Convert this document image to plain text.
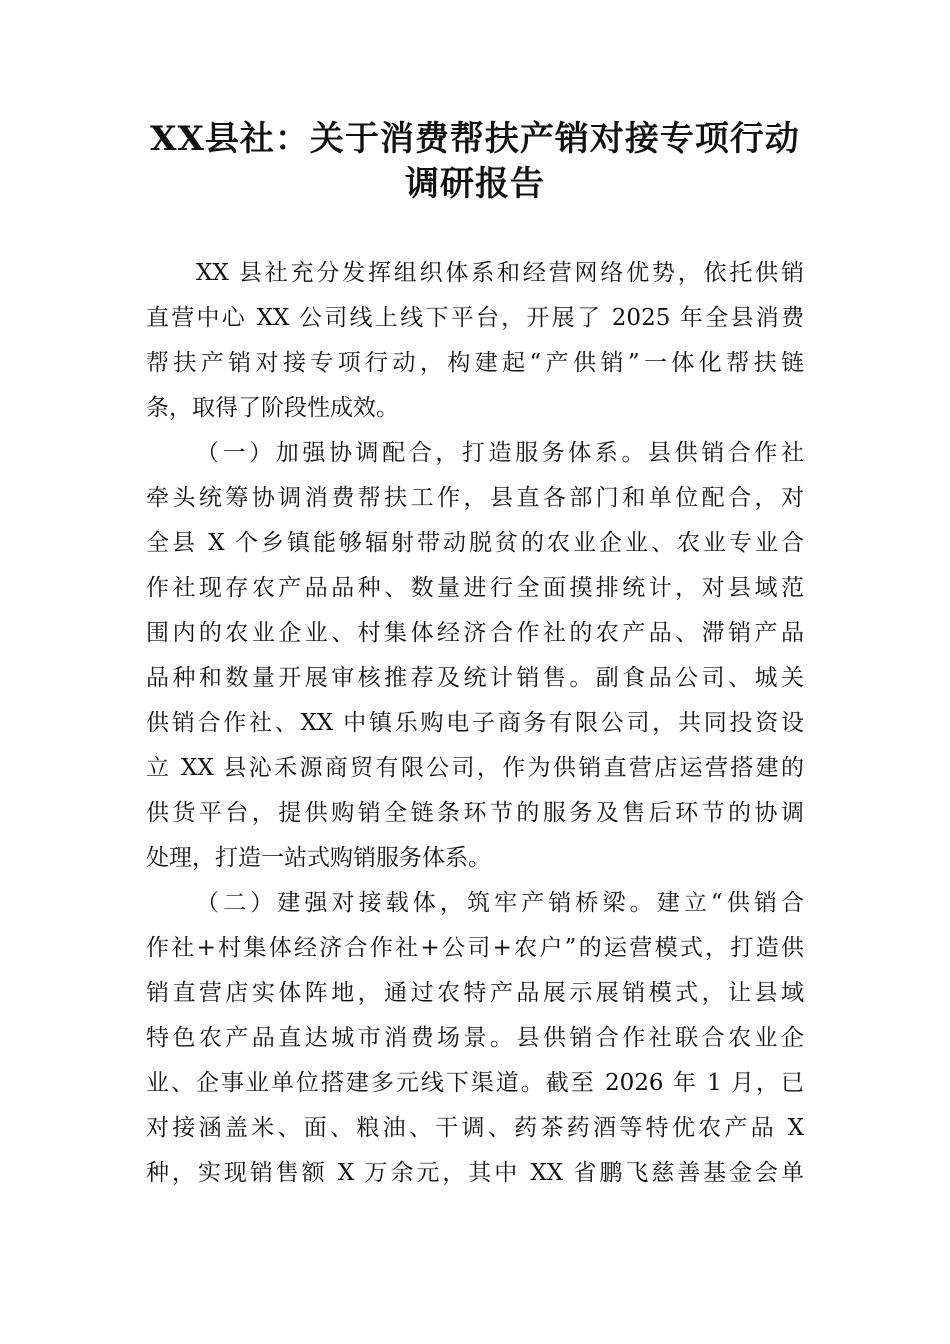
XX县社：关于消费帮扶产销对接专项行动
调研报告
XX 县社充分发挥组织体系和经营网络优势，依托供销
直营中心 XX 公司线上线下平台，开展了 2025 年全县消费
帮扶产销对接专项行动，构建起“产供销”一体化帮扶链
条，取得了阶段性成效。
（一）加强协调配合，打造服务体系。县供销合作社
牵头统筹协调消费帮扶工作，县直各部门和单位配合，对
全县 X 个乡镇能够辐射带动脱贫的农业企业、农业专业合
作社现存农产品品种、数量进行全面摸排统计，对县域范
围内的农业企业、村集体经济合作社的农产品、滞销产品
品种和数量开展审核推荐及统计销售。副食品公司、城关
供销合作社、XX 中镇乐购电子商务有限公司，共同投资设
立 XX 县沁禾源商贸有限公司，作为供销直营店运营搭建的
供货平台，提供购销全链条环节的服务及售后环节的协调
处理，打造一站式购销服务体系。
（二）建强对接载体，筑牢产销桥梁。建立“供销合
作社+村集体经济合作社+公司+农户”的运营模式，打造供
销直营店实体阵地，通过农特产品展示展销模式，让县域
特色农产品直达城市消费场景。县供销合作社联合农业企
业、企事业单位搭建多元线下渠道。截至 2026 年 1 月，已
对接涵盖米、面、粮油、干调、药茶药酒等特优农产品 X
种，实现销售额 X 万余元，其中 XX 省鹏飞慈善基金会单
